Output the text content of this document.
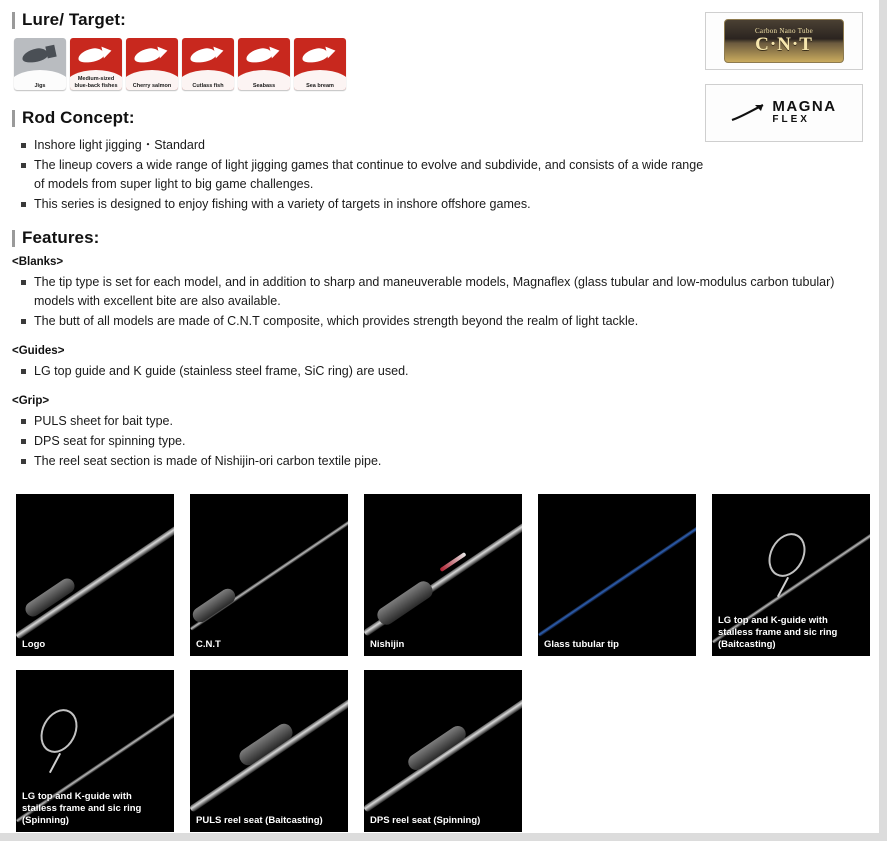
Lure/ Target:
Jigs
Medium-sized blue-back fishes	Cherry salmon	Cutlass fish	Seabass	Sea bream
Rod Concept:
Inshore light jigging・Standard
The lineup covers a wide range of light jigging games that continue to evolve and subdivide, and consists of a wide range of models from super light to big game challenges.
This series is designed to enjoy fishing with a variety of targets in inshore offshore games.
Features:
<Blanks>
The tip type is set for each model, and in addition to sharp and maneuverable models, Magnaflex (glass tubular and low-modulus carbon tubular) models with excellent bite are also available.
The butt of all models are made of C.N.T composite, which provides strength beyond the realm of light tackle.
<Guides>
LG top guide and K guide (stainless steel frame, SiC ring) are used.
<Grip>
PULS sheet for bait type.
DPS seat for spinning type.
The reel seat section is made of Nishijin-ori carbon textile pipe.
Carbon Nano Tube
C·N·T
MAGNA
FLEX
Logo	C.N.T	Nishijin	Glass tubular tip
LG top and K-guide with stailess frame and sic ring (Baitcasting)
LG top and K-guide with stailess frame and sic ring (Spinning)	PULS reel seat (Baitcasting)	DPS reel seat (Spinning)
